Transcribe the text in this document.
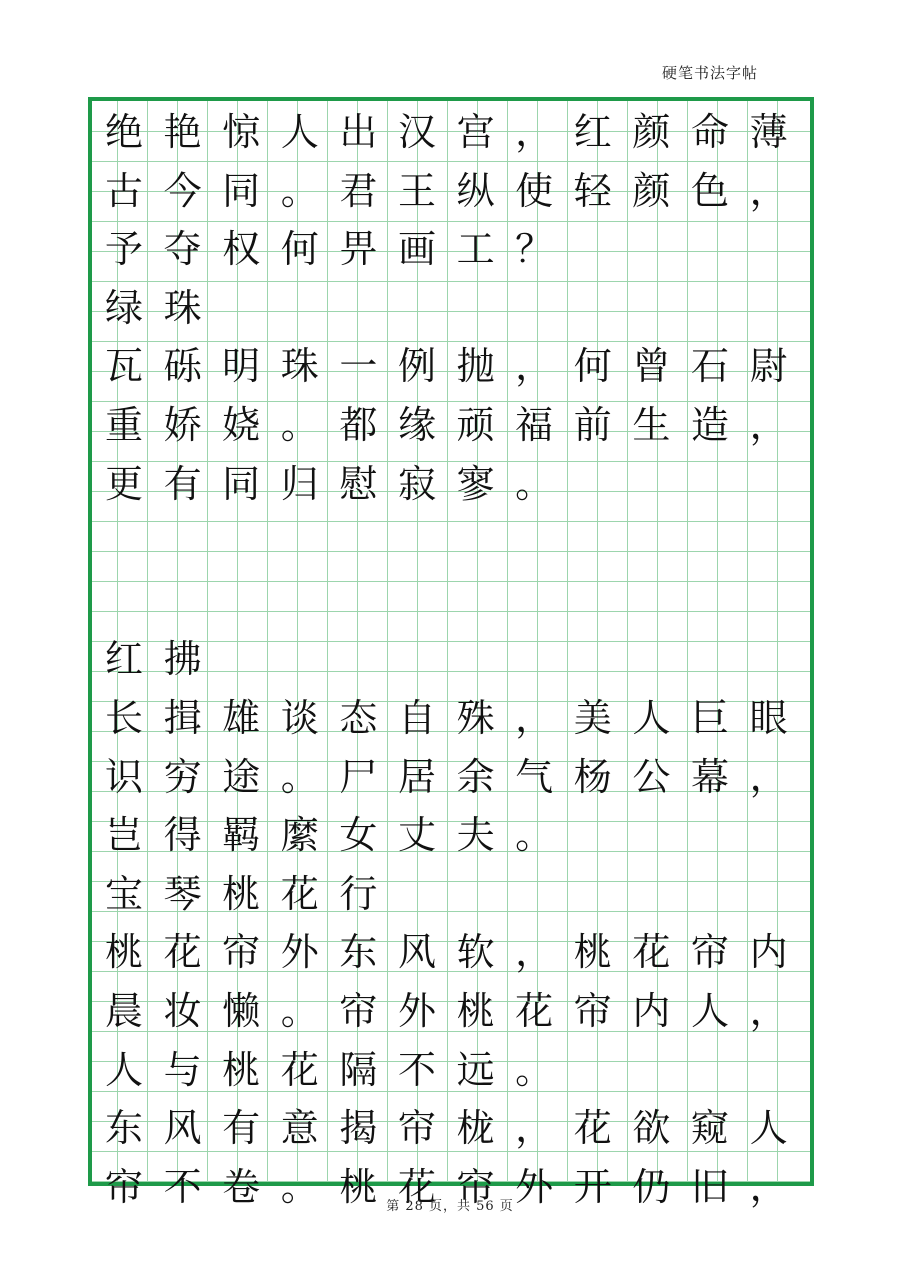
硬笔书法字帖
绝 艳 惊 人 出 汉 宫 ， 红 颜 命 薄
古 今 同 。 君 王 纵 使 轻 颜 色 ，
予 夺 权 何 畀 画 工 ？
绿 珠
瓦 砾 明 珠 一 例 抛 ， 何 曾 石 尉
重 娇 娆 。 都 缘 顽 福 前 生 造 ，
更 有 同 归 慰 寂 寥 。
红 拂
长 揖 雄 谈 态 自 殊 ， 美 人 巨 眼
识 穷 途 。 尸 居 余 气 杨 公 幕 ，
岂 得 羁 縻 女 丈 夫 。
宝 琴 桃 花 行
桃 花 帘 外 东 风 软 ， 桃 花 帘 内
晨 妆 懒 。 帘 外 桃 花 帘 内 人 ，
人 与 桃 花 隔 不 远 。
东 风 有 意 揭 帘 栊 ， 花 欲 窥 人
帘 不 卷 。 桃 花 帘 外 开 仍 旧 ，
第 28 页，共 56 页
